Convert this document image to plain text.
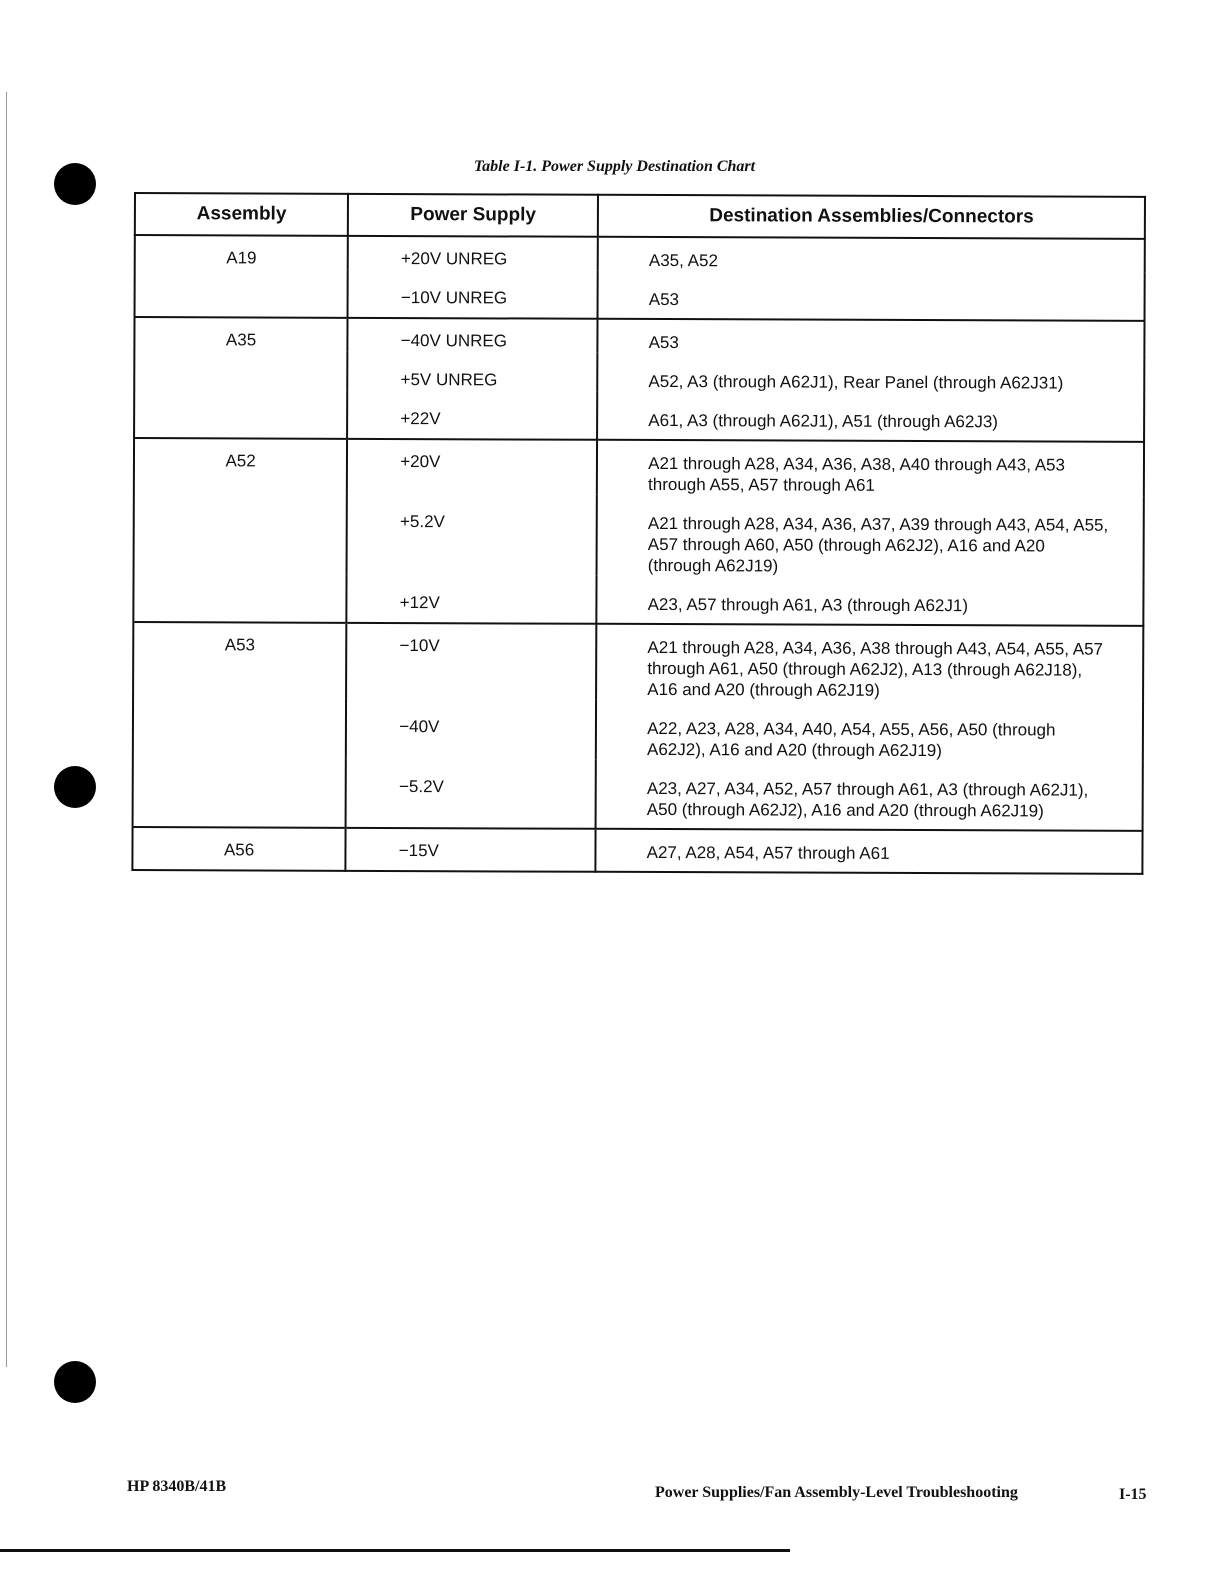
Table I-1. Power Supply Destination Chart
Assembly	Power Supply	Destination Assemblies/Connectors
A19	+20V UNREG	A35, A52
	−10V UNREG	A53
A35	−40V UNREG	A53
	+5V UNREG	A52, A3 (through A62J1), Rear Panel (through A62J31)
	+22V	A61, A3 (through A62J1), A51 (through A62J3)
A52	+20V	A21 through A28, A34, A36, A38, A40 through A43, A53 through A55, A57 through A61
	+5.2V	A21 through A28, A34, A36, A37, A39 through A43, A54, A55, A57 through A60, A50 (through A62J2), A16 and A20 (through A62J19)
	+12V	A23, A57 through A61, A3 (through A62J1)
A53	−10V	A21 through A28, A34, A36, A38 through A43, A54, A55, A57 through A61, A50 (through A62J2), A13 (through A62J18), A16 and A20 (through A62J19)
	−40V	A22, A23, A28, A34, A40, A54, A55, A56, A50 (through A62J2), A16 and A20 (through A62J19)
	−5.2V	A23, A27, A34, A52, A57 through A61, A3 (through A62J1), A50 (through A62J2), A16 and A20 (through A62J19)
A56	−15V	A27, A28, A54, A57 through A61
HP 8340B/41B	Power Supplies/Fan Assembly-Level Troubleshooting	I-15
